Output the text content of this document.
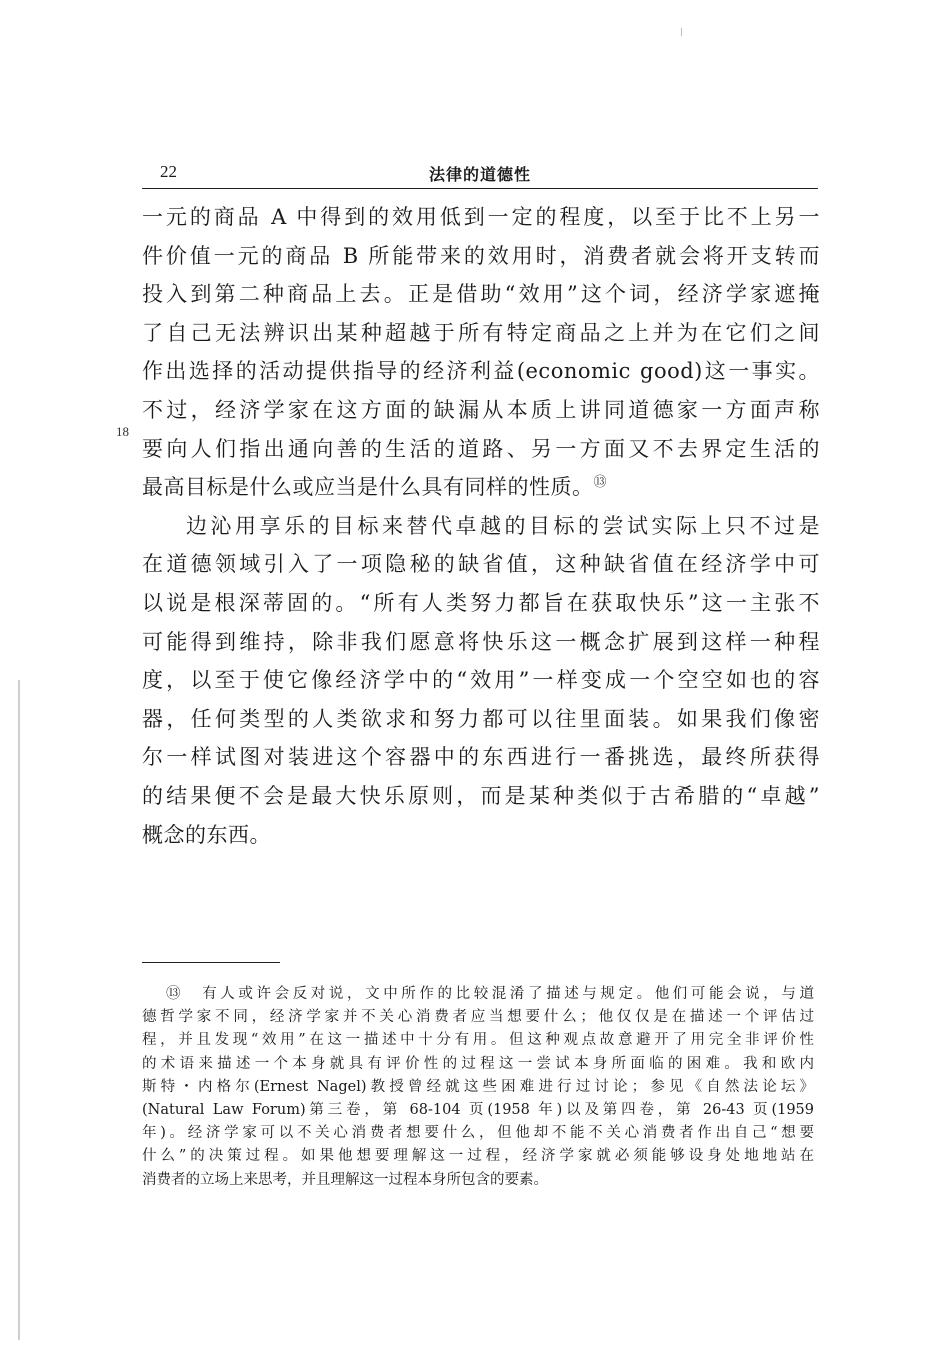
22	法律的道德性
18
一元的商品 A 中得到的效用低到一定的程度，以至于比不上另一
件价值一元的商品 B 所能带来的效用时，消费者就会将开支转而
投入到第二种商品上去。正是借助“效用”这个词，经济学家遮掩
了自己无法辨识出某种超越于所有特定商品之上并为在它们之间
作出选择的活动提供指导的经济利益(economic good)这一事实。
不过，经济学家在这方面的缺漏从本质上讲同道德家一方面声称
要向人们指出通向善的生活的道路、另一方面又不去界定生活的
最高目标是什么或应当是什么具有同样的性质。⑬
边沁用享乐的目标来替代卓越的目标的尝试实际上只不过是
在道德领域引入了一项隐秘的缺省值，这种缺省值在经济学中可
以说是根深蒂固的。“所有人类努力都旨在获取快乐”这一主张不
可能得到维持，除非我们愿意将快乐这一概念扩展到这样一种程
度，以至于使它像经济学中的“效用”一样变成一个空空如也的容
器，任何类型的人类欲求和努力都可以往里面装。如果我们像密
尔一样试图对装进这个容器中的东西进行一番挑选，最终所获得
的结果便不会是最大快乐原则，而是某种类似于古希腊的“卓越”
概念的东西。
⑬　有人或许会反对说，文中所作的比较混淆了描述与规定。他们可能会说，与道
德哲学家不同，经济学家并不关心消费者应当想要什么；他仅仅是在描述一个评估过
程，并且发现“效用”在这一描述中十分有用。但这种观点故意避开了用完全非评价性
的术语来描述一个本身就具有评价性的过程这一尝试本身所面临的困难。我和欧内
斯特・内格尔(Ernest Nagel)教授曾经就这些困难进行过讨论；参见《自然法论坛》
(Natural Law Forum)第三卷，第 68-104 页(1958 年)以及第四卷，第 26-43 页(1959
年)。经济学家可以不关心消费者想要什么，但他却不能不关心消费者作出自己“想要
什么”的决策过程。如果他想要理解这一过程，经济学家就必须能够设身处地地站在
消费者的立场上来思考，并且理解这一过程本身所包含的要素。
